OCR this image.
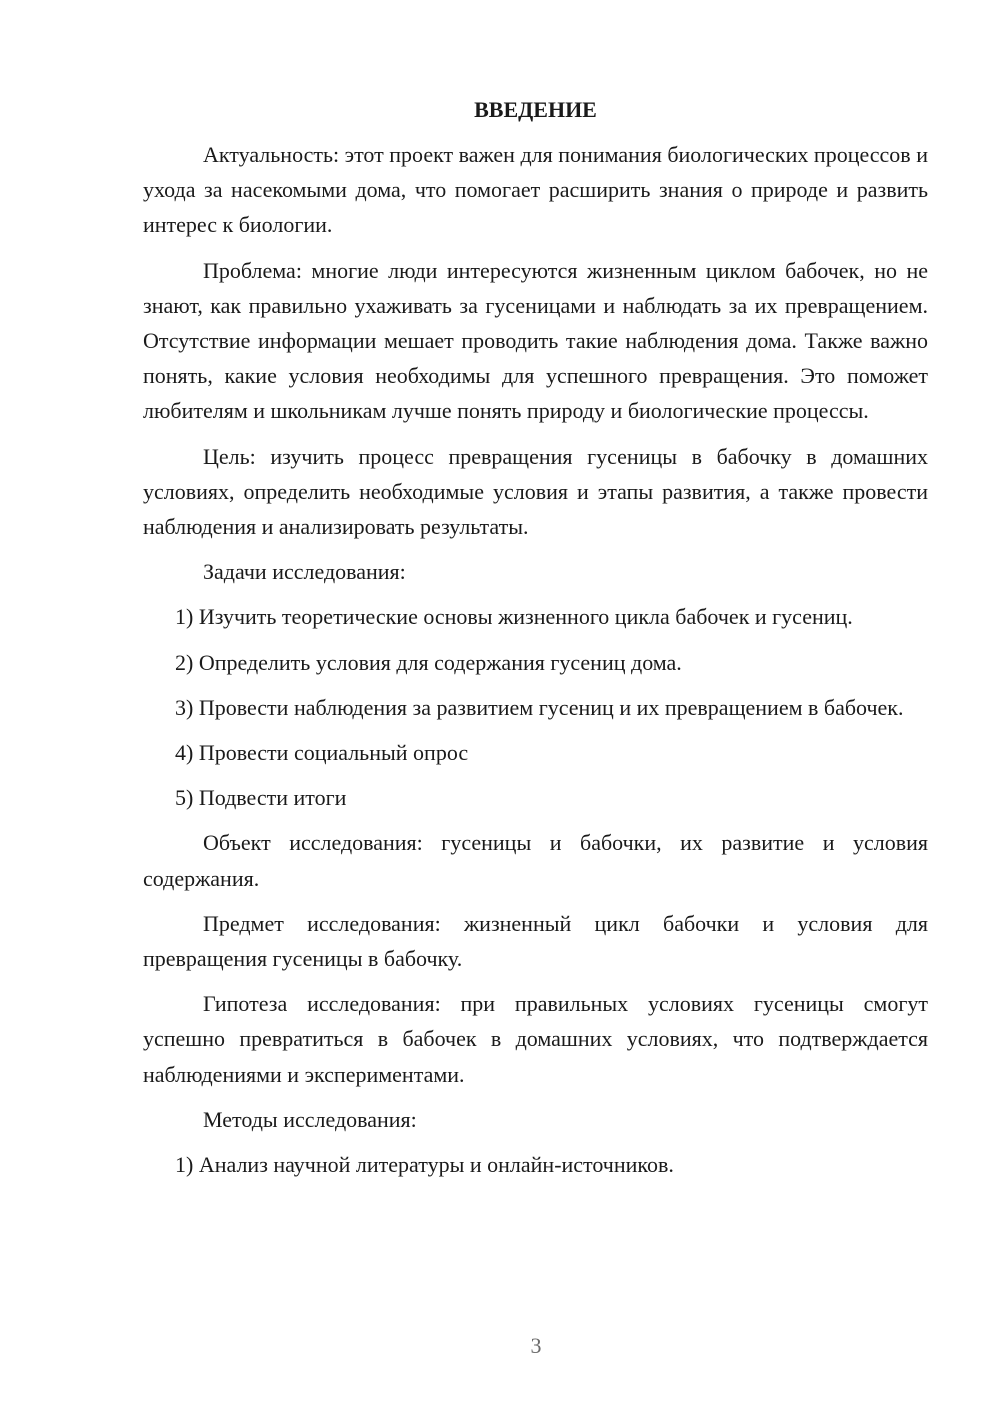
ВВЕДЕНИЕ

Актуальность: этот проект важен для понимания биологических процессов и ухода за насекомыми дома, что помогает расширить знания о природе и развить интерес к биологии.

Проблема: многие люди интересуются жизненным циклом бабочек, но не знают, как правильно ухаживать за гусеницами и наблюдать за их превращением. Отсутствие информации мешает проводить такие наблюдения дома. Также важно понять, какие условия необходимы для успешного превращения. Это поможет любителям и школьникам лучше понять природу и биологические процессы.

Цель: изучить процесс превращения гусеницы в бабочку в домашних условиях, определить необходимые условия и этапы развития, а также провести наблюдения и анализировать результаты.

Задачи исследования:

1) Изучить теоретические основы жизненного цикла бабочек и гусениц.

2) Определить условия для содержания гусениц дома.

3) Провести наблюдения за развитием гусениц и их превращением в бабочек.

4) Провести социальный опрос

5) Подвести итоги

Объект исследования: гусеницы и бабочки, их развитие и условия содержания.

Предмет исследования: жизненный цикл бабочки и условия для превращения гусеницы в бабочку.

Гипотеза исследования: при правильных условиях гусеницы смогут успешно превратиться в бабочек в домашних условиях, что подтверждается наблюдениями и экспериментами.

Методы исследования:

1) Анализ научной литературы и онлайн-источников.

3
